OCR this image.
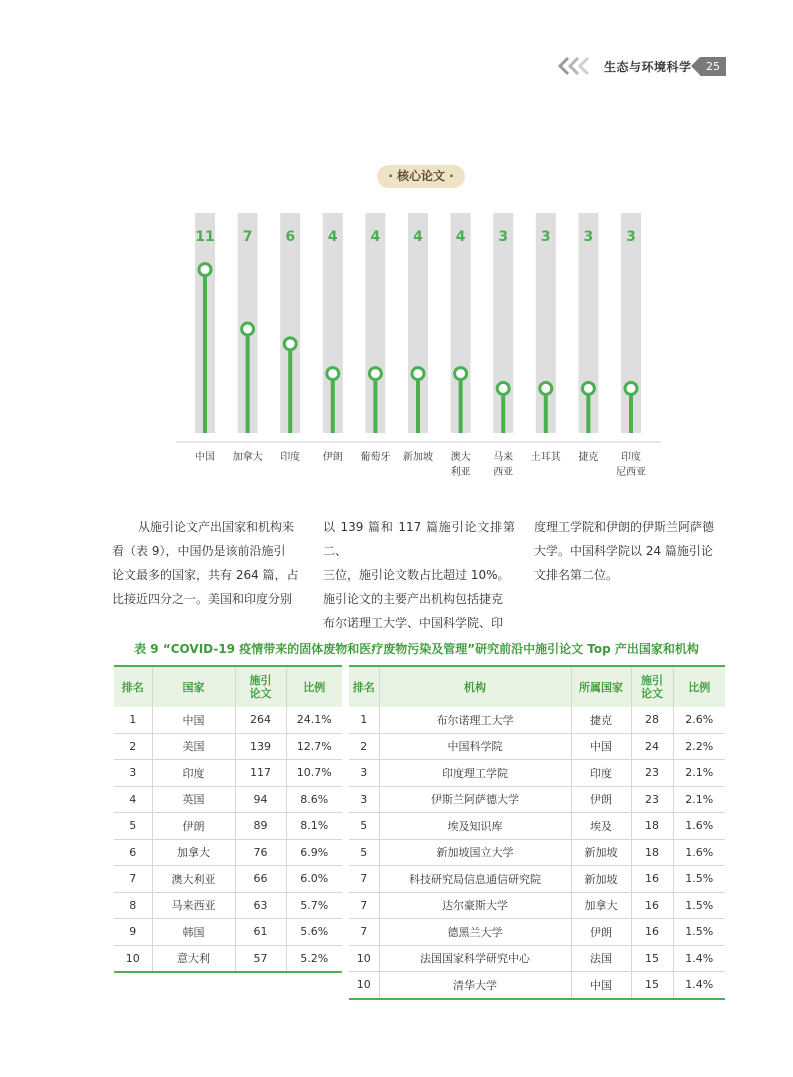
生态与环境科学	25
· 核心论文 ·
11
中国
7
加拿大
6
印度
4
伊朗
4
葡萄牙
4
新加坡
4
澳大
利亚
3
马来
西亚
3
土耳其
3
捷克
3
印度
尼西亚
从施引论文产出国家和机构来
看（表 9），中国仍是该前沿施引
论文最多的国家，共有 264 篇，占
比接近四分之一。美国和印度分别
以 139 篇和 117 篇施引论文排第二、
三位，施引论文数占比超过 10%。
施引论文的主要产出机构包括捷克
布尔诺理工大学、中国科学院、印
度理工学院和伊朗的伊斯兰阿萨德
大学。中国科学院以 24 篇施引论
文排名第二位。
表 9 “COVID-19 疫情带来的固体废物和医疗废物污染及管理”研究前沿中施引论文 Top 产出国家和机构
排名	国家	施引
论文	比例
1	中国	264	24.1%
2	美国	139	12.7%
3	印度	117	10.7%
4	英国	94	8.6%
5	伊朗	89	8.1%
6	加拿大	76	6.9%
7	澳大利亚	66	6.0%
8	马来西亚	63	5.7%
9	韩国	61	5.6%
10	意大利	57	5.2%
排名	机构	所属国家	施引
论文	比例
1	布尔诺理工大学	捷克	28	2.6%
2	中国科学院	中国	24	2.2%
3	印度理工学院	印度	23	2.1%
3	伊斯兰阿萨德大学	伊朗	23	2.1%
5	埃及知识库	埃及	18	1.6%
5	新加坡国立大学	新加坡	18	1.6%
7	科技研究局信息通信研究院	新加坡	16	1.5%
7	达尔豪斯大学	加拿大	16	1.5%
7	德黑兰大学	伊朗	16	1.5%
10	法国国家科学研究中心	法国	15	1.4%
10	清华大学	中国	15	1.4%
